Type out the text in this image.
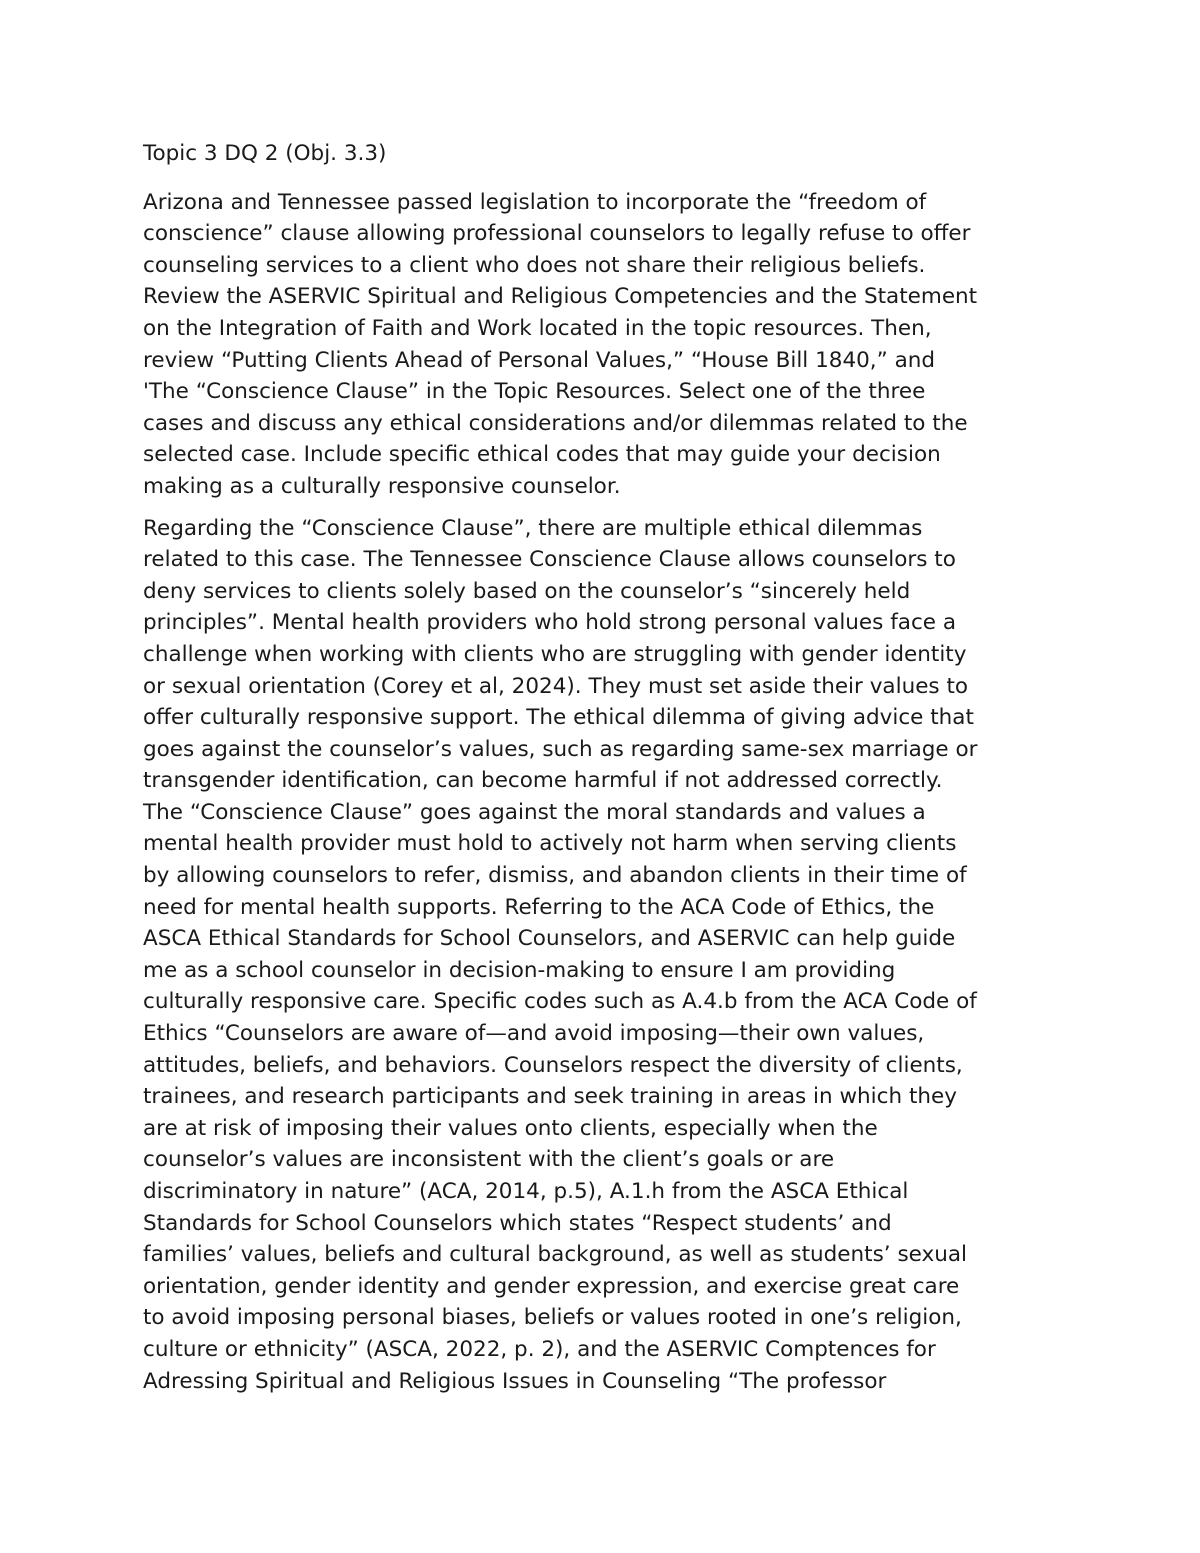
Topic 3 DQ 2 (Obj. 3.3)
Arizona and Tennessee passed legislation to incorporate the “freedom of
conscience” clause allowing professional counselors to legally refuse to offer
counseling services to a client who does not share their religious beliefs.
Review the ASERVIC Spiritual and Religious Competencies and the Statement
on the Integration of Faith and Work located in the topic resources. Then,
review “Putting Clients Ahead of Personal Values,” “House Bill 1840,” and
'The “Conscience Clause” in the Topic Resources. Select one of the three
cases and discuss any ethical considerations and/or dilemmas related to the
selected case. Include specific ethical codes that may guide your decision
making as a culturally responsive counselor.
Regarding the “Conscience Clause”, there are multiple ethical dilemmas
related to this case. The Tennessee Conscience Clause allows counselors to
deny services to clients solely based on the counselor’s “sincerely held
principles”. Mental health providers who hold strong personal values face a
challenge when working with clients who are struggling with gender identity
or sexual orientation (Corey et al, 2024). They must set aside their values to
offer culturally responsive support. The ethical dilemma of giving advice that
goes against the counselor’s values, such as regarding same-sex marriage or
transgender identification, can become harmful if not addressed correctly.
The “Conscience Clause” goes against the moral standards and values a
mental health provider must hold to actively not harm when serving clients
by allowing counselors to refer, dismiss, and abandon clients in their time of
need for mental health supports. Referring to the ACA Code of Ethics, the
ASCA Ethical Standards for School Counselors, and ASERVIC can help guide
me as a school counselor in decision-making to ensure I am providing
culturally responsive care. Specific codes such as A.4.b from the ACA Code of
Ethics “Counselors are aware of—and avoid imposing—their own values,
attitudes, beliefs, and behaviors. Counselors respect the diversity of clients,
trainees, and research participants and seek training in areas in which they
are at risk of imposing their values onto clients, especially when the
counselor’s values are inconsistent with the client’s goals or are
discriminatory in nature” (ACA, 2014, p.5), A.1.h from the ASCA Ethical
Standards for School Counselors which states “Respect students’ and
families’ values, beliefs and cultural background, as well as students’ sexual
orientation, gender identity and gender expression, and exercise great care
to avoid imposing personal biases, beliefs or values rooted in one’s religion,
culture or ethnicity” (ASCA, 2022, p. 2), and the ASERVIC Comptences for
Adressing Spiritual and Religious Issues in Counseling “The professor
